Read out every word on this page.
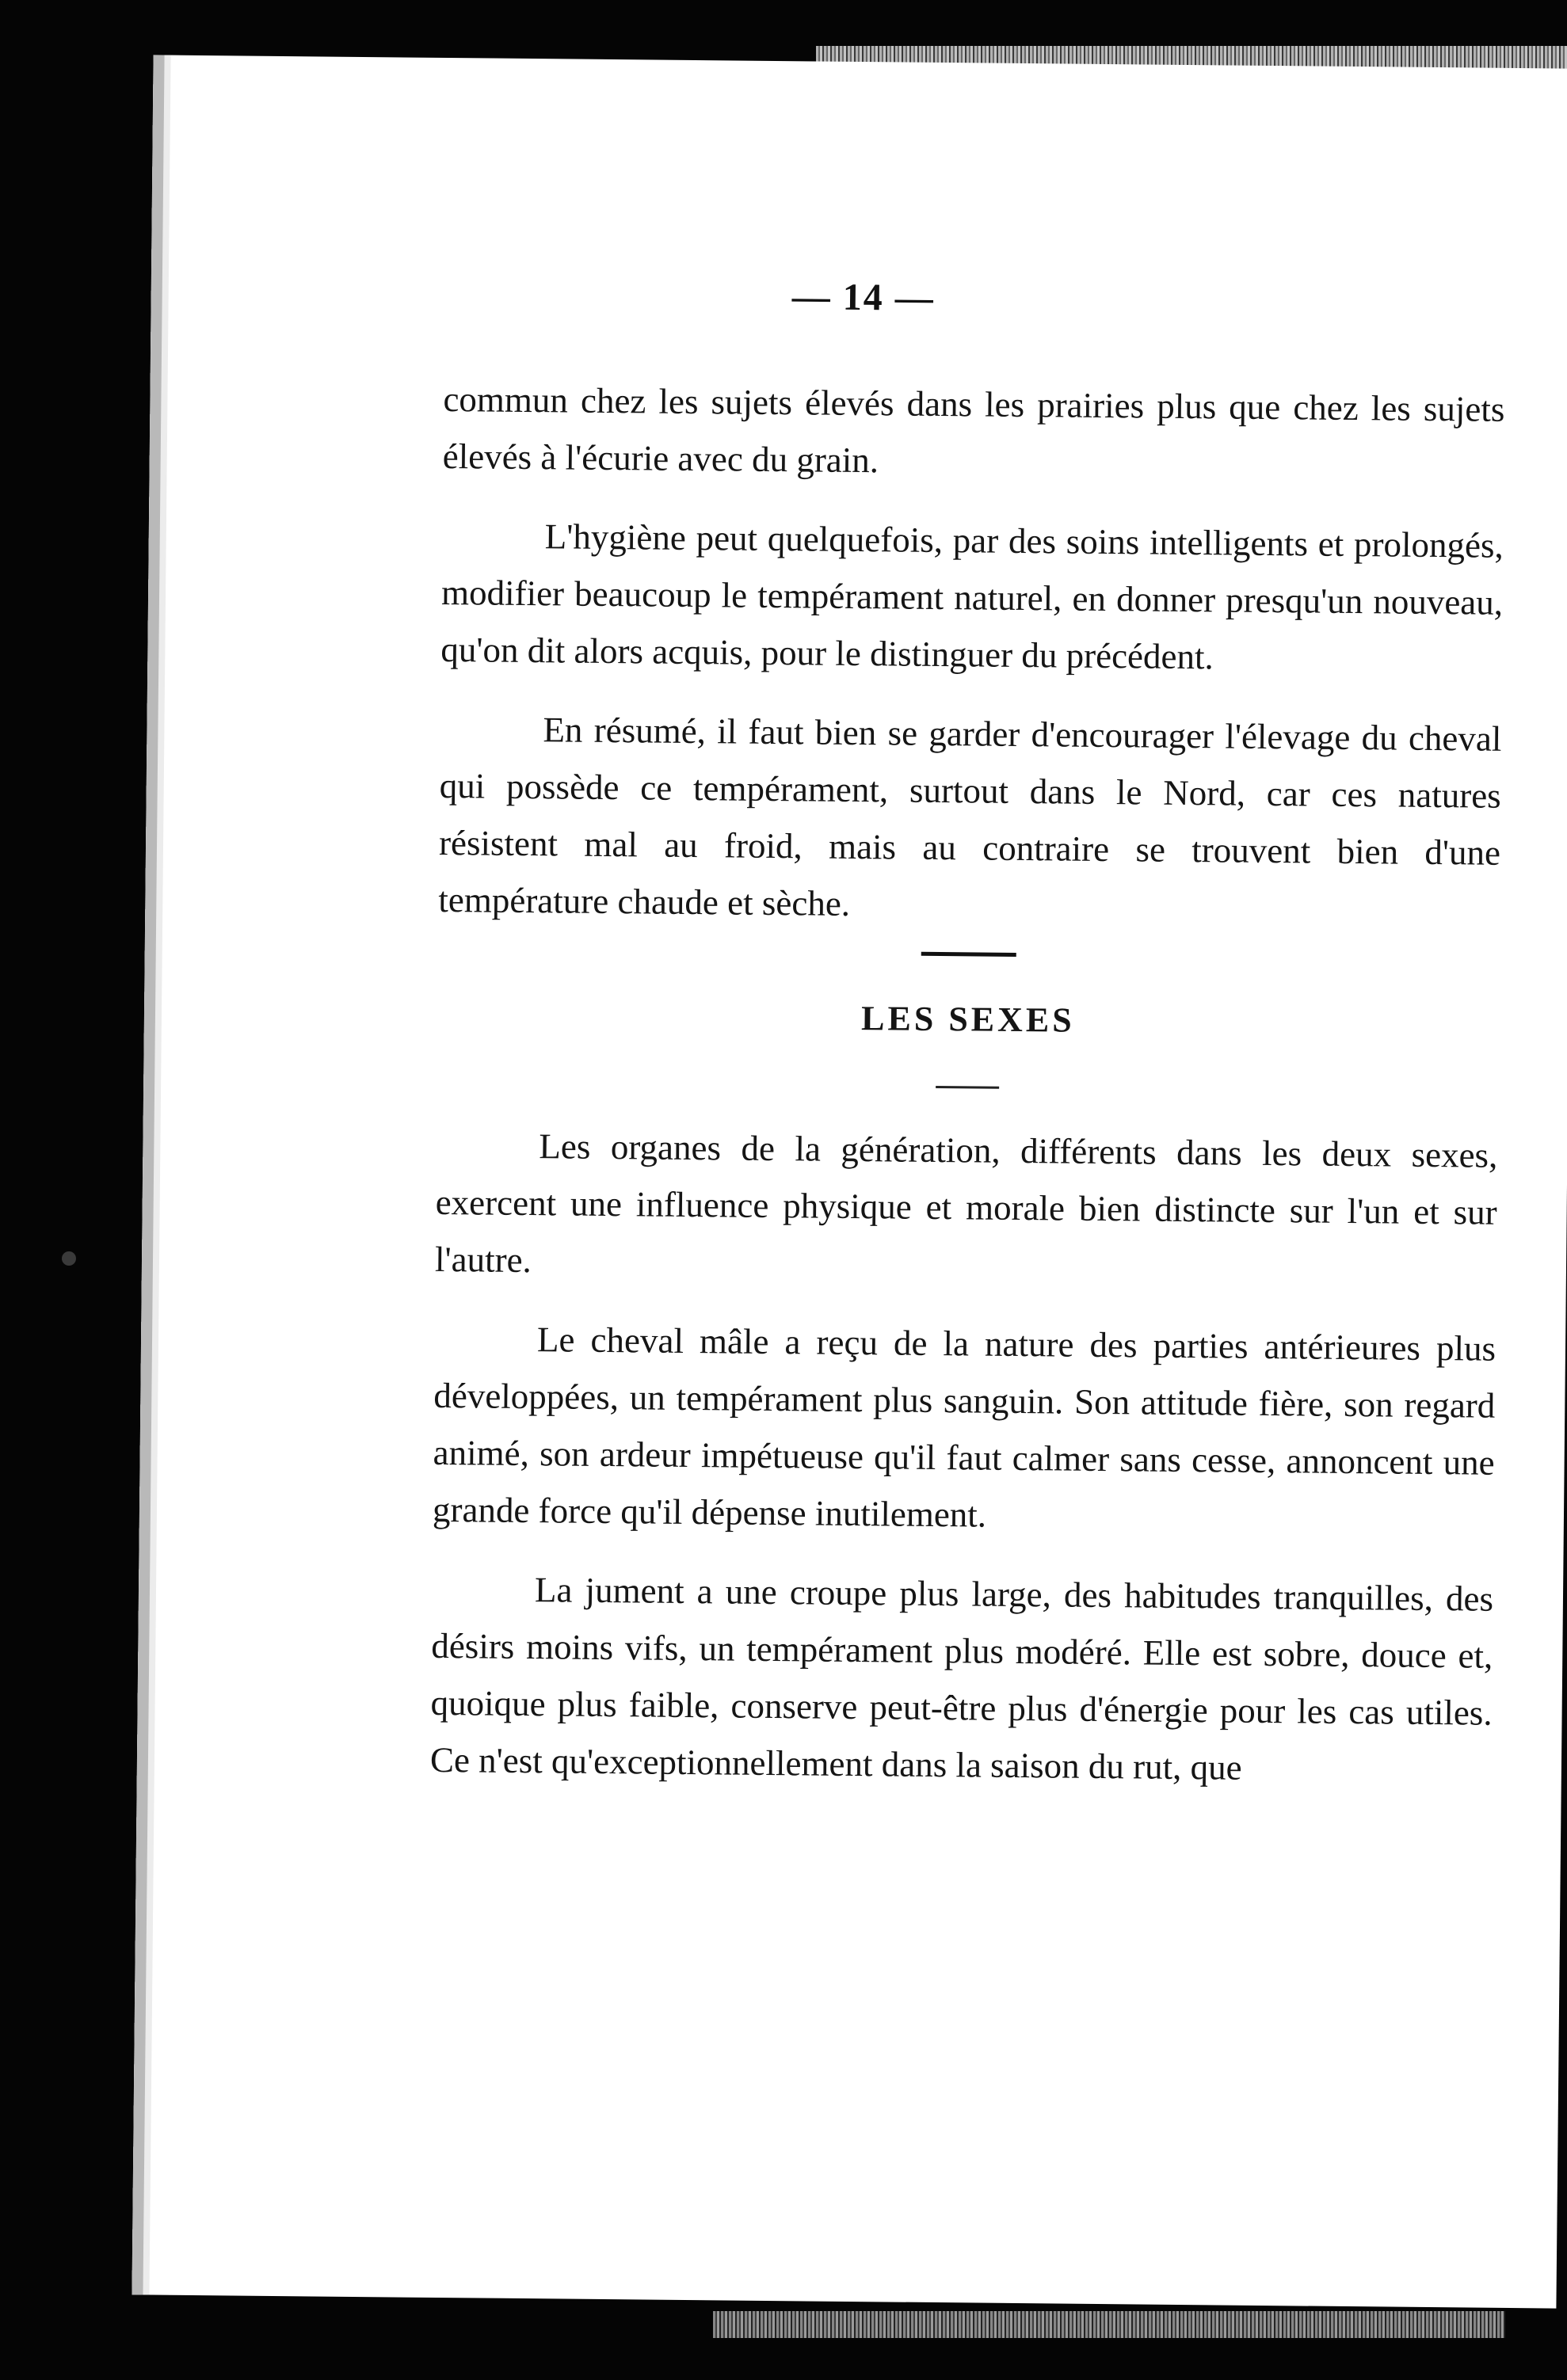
— 14 —

commun chez les sujets élevés dans les prairies plus que chez les sujets élevés à l'écurie avec du grain.

L'hygiène peut quelquefois, par des soins intelligents et prolongés, modifier beaucoup le tempérament naturel, en donner presqu'un nouveau, qu'on dit alors acquis, pour le distinguer du précédent.

En résumé, il faut bien se garder d'encourager l'élevage du cheval qui possède ce tempérament, surtout dans le Nord, car ces natures résistent mal au froid, mais au contraire se trouvent bien d'une température chaude et sèche.

LES SEXES

Les organes de la génération, différents dans les deux sexes, exercent une influence physique et morale bien distincte sur l'un et sur l'autre.

Le cheval mâle a reçu de la nature des parties antérieures plus développées, un tempérament plus sanguin. Son attitude fière, son regard animé, son ardeur impétueuse qu'il faut calmer sans cesse, annoncent une grande force qu'il dépense inutilement.

La jument a une croupe plus large, des habitudes tranquilles, des désirs moins vifs, un tempérament plus modéré. Elle est sobre, douce et, quoique plus faible, conserve peut-être plus d'énergie pour les cas utiles. Ce n'est qu'exceptionnellement dans la saison du rut, que
